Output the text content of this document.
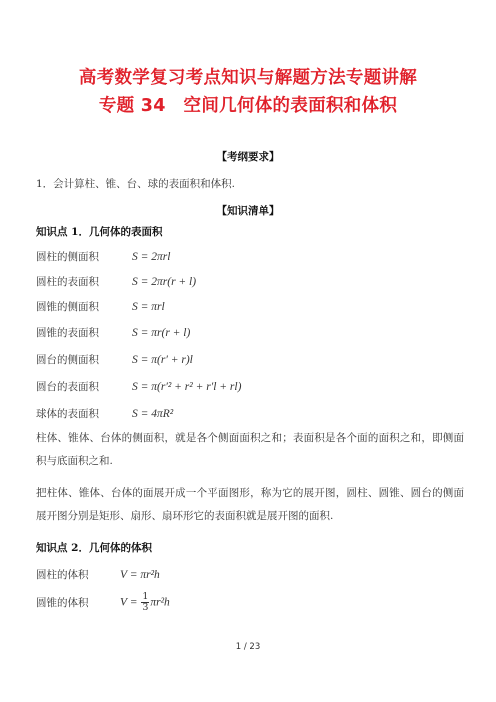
高考数学复习考点知识与解题方法专题讲解
专题 34　空间几何体的表面积和体积
【考纲要求】
1．会计算柱、锥、台、球的表面积和体积.
【知识清单】
知识点 1．几何体的表面积
圆柱的侧面积	S = 2πrl
圆柱的表面积	S = 2πr(r + l)
圆锥的侧面积	S = πrl
圆锥的表面积	S = πr(r + l)
圆台的侧面积	S = π(r′ + r)l
圆台的表面积	S = π(r′² + r² + r′l + rl)
球体的表面积	S = 4πR²
柱体、锥体、台体的侧面积，就是各个侧面面积之和；表面积是各个面的面积之和，即侧面积与底面积之和.
把柱体、锥体、台体的面展开成一个平面图形，称为它的展开图，圆柱、圆锥、圆台的侧面展开图分别是矩形、扇形、扇环形它的表面积就是展开图的面积.
知识点 2．几何体的体积
圆柱的体积	V = πr²h
圆锥的体积	$V = \frac{1}{3} \pi r^2h$
1 / 23
